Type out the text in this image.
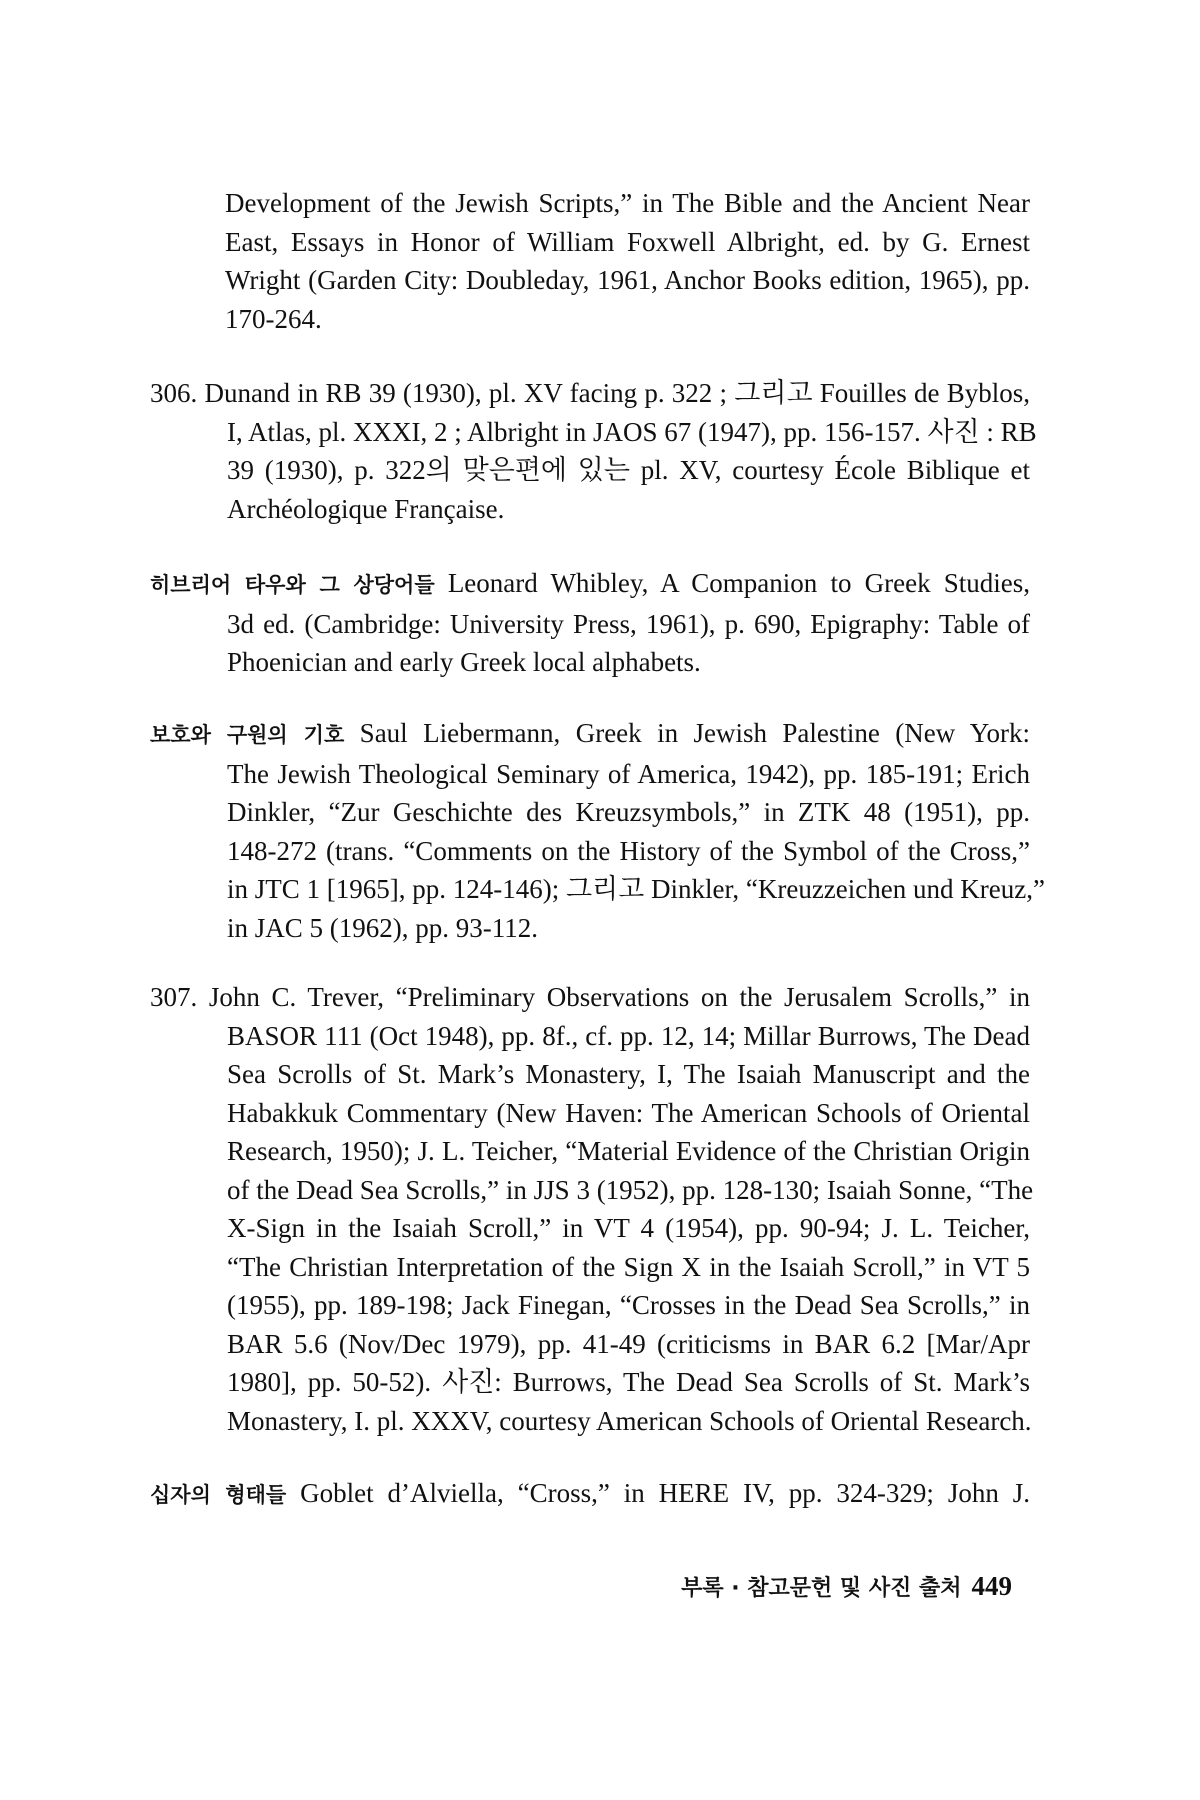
Development of the Jewish Scripts,” in The Bible and the Ancient Near
East, Essays in Honor of William Foxwell Albright, ed. by G. Ernest
Wright (Garden City: Doubleday, 1961, Anchor Books edition, 1965), pp.
170-264.
306. Dunand in RB 39 (1930), pl. XV facing p. 322 ; 그리고 Fouilles de Byblos,
I, Atlas, pl. XXXI, 2 ; Albright in JAOS 67 (1947), pp. 156-157. 사진 : RB
39 (1930), p. 322의 맞은편에 있는 pl. XV, courtesy École Biblique et
Archéologique Française.
히브리어 타우와 그 상당어들 Leonard Whibley, A Companion to Greek Studies,
3d ed. (Cambridge: University Press, 1961), p. 690, Epigraphy: Table of
Phoenician and early Greek local alphabets.
보호와 구원의 기호 Saul Liebermann, Greek in Jewish Palestine (New York:
The Jewish Theological Seminary of America, 1942), pp. 185-191; Erich
Dinkler, “Zur Geschichte des Kreuzsymbols,” in ZTK 48 (1951), pp.
148-272 (trans. “Comments on the History of the Symbol of the Cross,”
in JTC 1 [1965], pp. 124-146); 그리고 Dinkler, “Kreuzzeichen und Kreuz,”
in JAC 5 (1962), pp. 93-112.
307. John C. Trever, “Preliminary Observations on the Jerusalem Scrolls,” in
BASOR 111 (Oct 1948), pp. 8f., cf. pp. 12, 14; Millar Burrows, The Dead
Sea Scrolls of St. Mark’s Monastery, I, The Isaiah Manuscript and the
Habakkuk Commentary (New Haven: The American Schools of Oriental
Research, 1950); J. L. Teicher, “Material Evidence of the Christian Origin
of the Dead Sea Scrolls,” in JJS 3 (1952), pp. 128-130; Isaiah Sonne, “The
X-Sign in the Isaiah Scroll,” in VT 4 (1954), pp. 90-94; J. L. Teicher,
“The Christian Interpretation of the Sign X in the Isaiah Scroll,” in VT 5
(1955), pp. 189-198; Jack Finegan, “Crosses in the Dead Sea Scrolls,” in
BAR 5.6 (Nov/Dec 1979), pp. 41-49 (criticisms in BAR 6.2 [Mar/Apr
1980], pp. 50-52). 사진: Burrows, The Dead Sea Scrolls of St. Mark’s
Monastery, I. pl. XXXV, courtesy American Schools of Oriental Research.
십자의 형태들 Goblet d’Alviella, “Cross,” in HERE IV, pp. 324-329; John J.
부록 · 참고문헌 및 사진 출처 449
